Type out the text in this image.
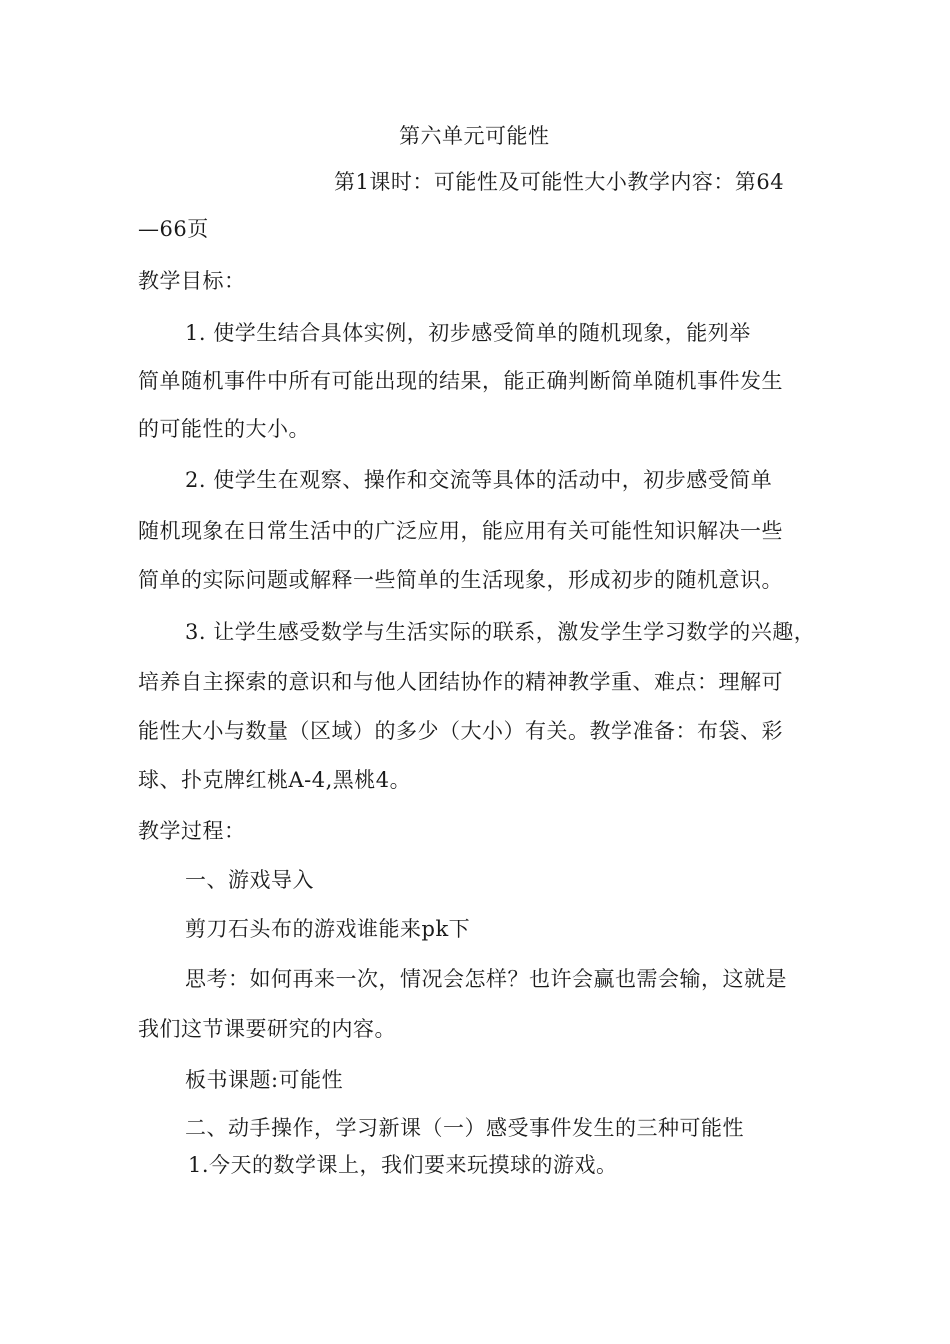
第六单元可能性
第1课时：可能性及可能性大小教学内容：第64
—66页
教学目标：
1. 使学生结合具体实例，初步感受简单的随机现象，能列举
简单随机事件中所有可能出现的结果，能正确判断简单随机事件发生
的可能性的大小。
2. 使学生在观察、操作和交流等具体的活动中，初步感受简单
随机现象在日常生活中的广泛应用，能应用有关可能性知识解决一些
简单的实际问题或解释一些简单的生活现象，形成初步的随机意识。
3. 让学生感受数学与生活实际的联系，激发学生学习数学的兴趣，
培养自主探索的意识和与他人团结协作的精神教学重、难点：理解可
能性大小与数量（区域）的多少（大小）有关。教学准备：布袋、彩
球、扑克牌红桃A-4,黑桃4。
教学过程：
一、游戏导入
剪刀石头布的游戏谁能来pk下
思考：如何再来一次，情况会怎样？也许会赢也需会输，这就是
我们这节课要研究的内容。
板书课题:可能性
二、动手操作，学习新课（一）感受事件发生的三种可能性
1.今天的数学课上，我们要来玩摸球的游戏。
